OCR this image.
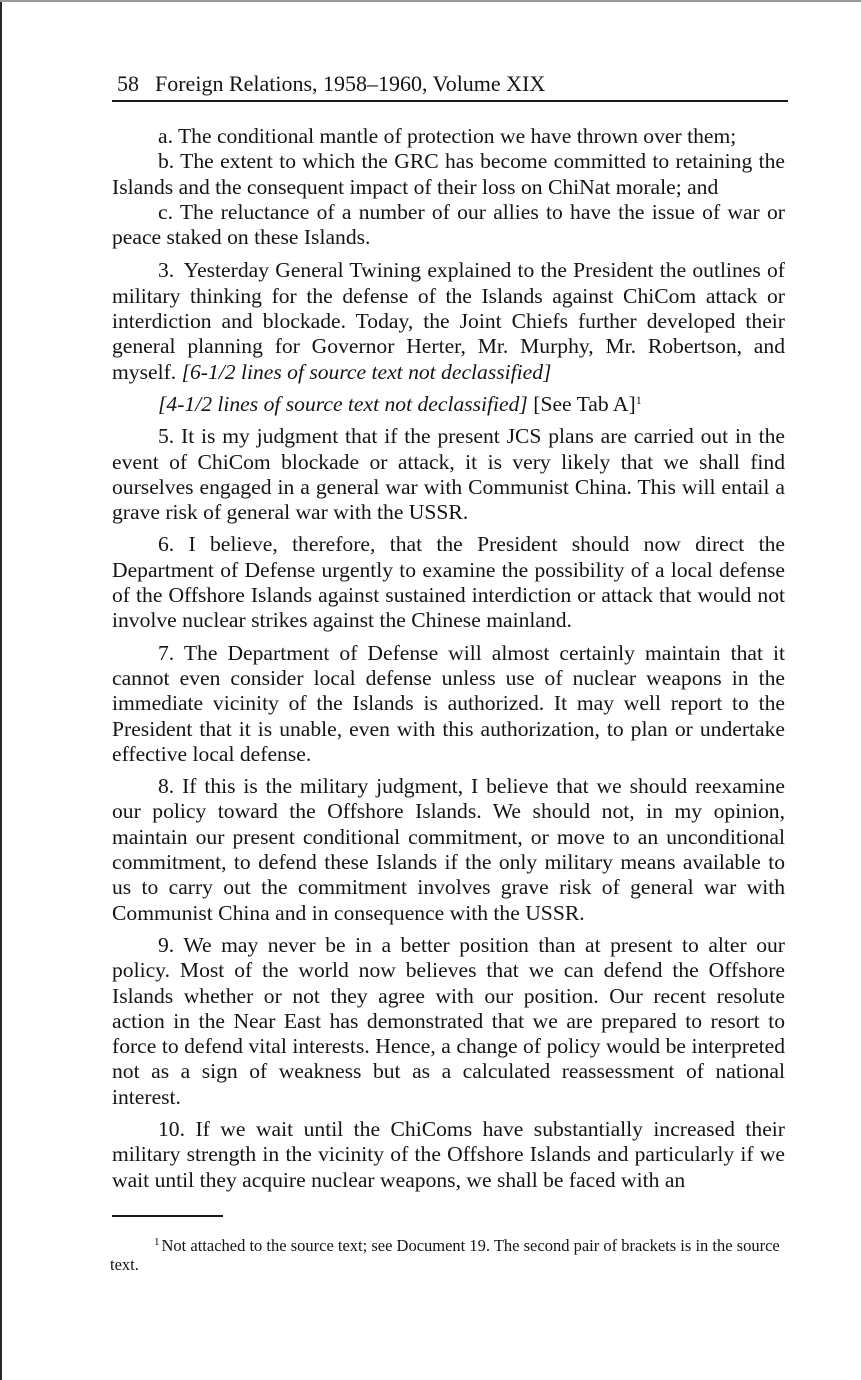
58 Foreign Relations, 1958–1960, Volume XIX

a. The conditional mantle of protection we have thrown over them;

b. The extent to which the GRC has become committed to retaining the Islands and the consequent impact of their loss on ChiNat morale; and

c. The reluctance of a number of our allies to have the issue of war or peace staked on these Islands.

3. Yesterday General Twining explained to the President the outlines of military thinking for the defense of the Islands against ChiCom attack or interdiction and blockade. Today, the Joint Chiefs further developed their general planning for Governor Herter, Mr. Murphy, Mr. Robertson, and myself. [6-1/2 lines of source text not declassified]

[4-1/2 lines of source text not declassified] [See Tab A]$^1$

5. It is my judgment that if the present JCS plans are carried out in the event of ChiCom blockade or attack, it is very likely that we shall find ourselves engaged in a general war with Communist China. This will entail a grave risk of general war with the USSR.

6. I believe, therefore, that the President should now direct the Department of Defense urgently to examine the possibility of a local defense of the Offshore Islands against sustained interdiction or attack that would not involve nuclear strikes against the Chinese mainland.

7. The Department of Defense will almost certainly maintain that it cannot even consider local defense unless use of nuclear weapons in the immediate vicinity of the Islands is authorized. It may well report to the President that it is unable, even with this authorization, to plan or undertake effective local defense.

8. If this is the military judgment, I believe that we should reexamine our policy toward the Offshore Islands. We should not, in my opinion, maintain our present conditional commitment, or move to an unconditional commitment, to defend these Islands if the only military means available to us to carry out the commitment involves grave risk of general war with Communist China and in consequence with the USSR.

9. We may never be in a better position than at present to alter our policy. Most of the world now believes that we can defend the Offshore Islands whether or not they agree with our position. Our recent resolute action in the Near East has demonstrated that we are prepared to resort to force to defend vital interests. Hence, a change of policy would be interpreted not as a sign of weakness but as a calculated reassessment of national interest.

10. If we wait until the ChiComs have substantially increased their military strength in the vicinity of the Offshore Islands and particularly if we wait until they acquire nuclear weapons, we shall be faced with an

$^1$ Not attached to the source text; see Document 19. The second pair of brackets is in the source text.
